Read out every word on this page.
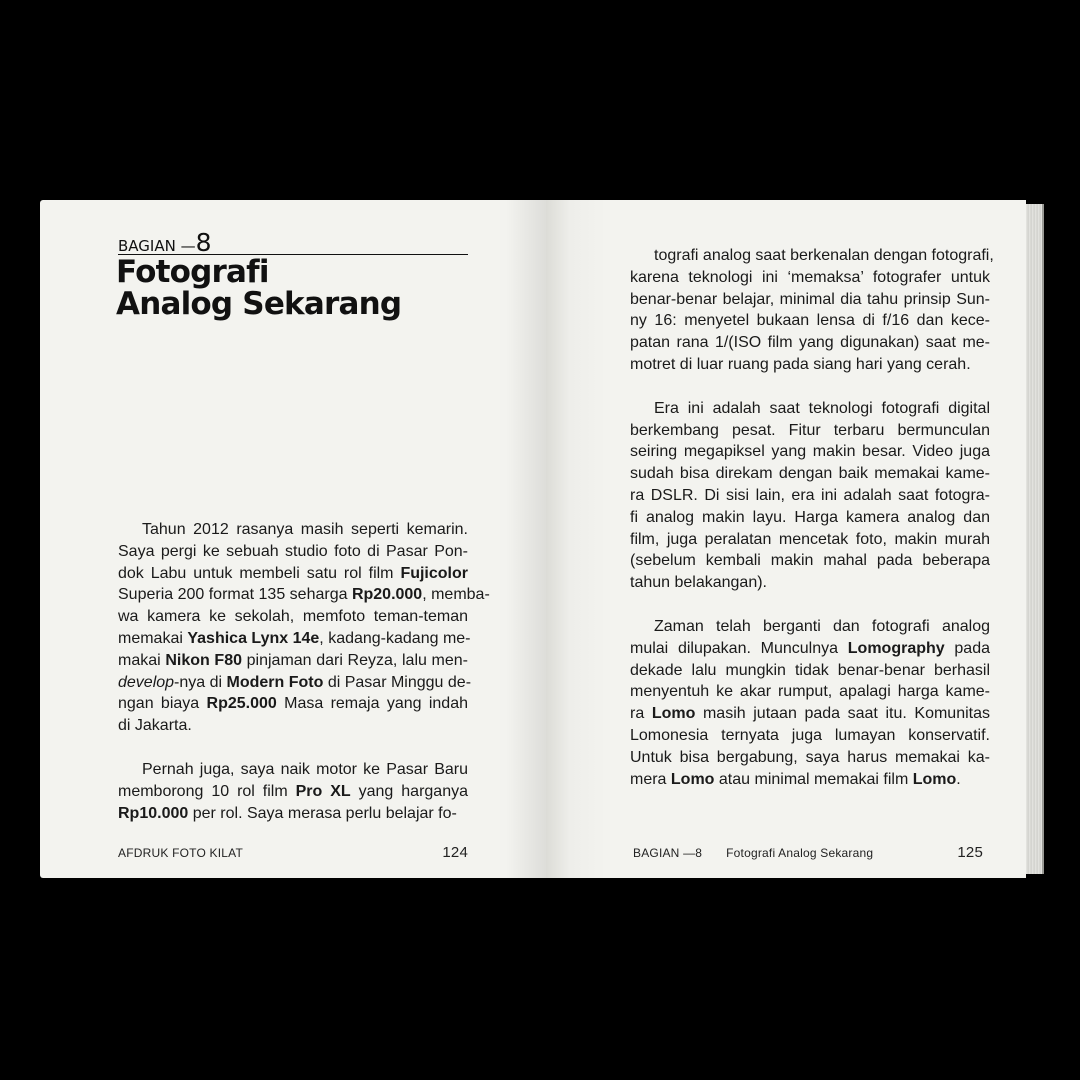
BAGIAN —8
Fotografi
Analog Sekarang

Tahun 2012 rasanya masih seperti kemarin.
Saya pergi ke sebuah studio foto di Pasar Pon-
dok Labu untuk membeli satu rol film Fujicolor
Superia 200 format 135 seharga Rp20.000, memba-
wa kamera ke sekolah, memfoto teman-teman
memakai Yashica Lynx 14e, kadang-kadang me-
makai Nikon F80 pinjaman dari Reyza, lalu men-
develop-nya di Modern Foto di Pasar Minggu de-
ngan biaya Rp25.000 Masa remaja yang indah
di Jakarta.

Pernah juga, saya naik motor ke Pasar Baru
memborong 10 rol film Pro XL yang harganya
Rp10.000 per rol. Saya merasa perlu belajar fo-

AFDRUK FOTO KILAT	124

tografi analog saat berkenalan dengan fotografi,
karena teknologi ini ‘memaksa’ fotografer untuk
benar-benar belajar, minimal dia tahu prinsip Sun-
ny 16: menyetel bukaan lensa di f/16 dan kece-
patan rana 1/(ISO film yang digunakan) saat me-
motret di luar ruang pada siang hari yang cerah.

Era ini adalah saat teknologi fotografi digital
berkembang pesat. Fitur terbaru bermunculan
seiring megapiksel yang makin besar. Video juga
sudah bisa direkam dengan baik memakai kame-
ra DSLR. Di sisi lain, era ini adalah saat fotogra-
fi analog makin layu. Harga kamera analog dan
film, juga peralatan mencetak foto, makin murah
(sebelum kembali makin mahal pada beberapa
tahun belakangan).

Zaman telah berganti dan fotografi analog
mulai dilupakan. Munculnya Lomography pada
dekade lalu mungkin tidak benar-benar berhasil
menyentuh ke akar rumput, apalagi harga kame-
ra Lomo masih jutaan pada saat itu. Komunitas
Lomonesia ternyata juga lumayan konservatif.
Untuk bisa bergabung, saya harus memakai ka-
mera Lomo atau minimal memakai film Lomo.

BAGIAN —8 Fotografi Analog Sekarang	125
